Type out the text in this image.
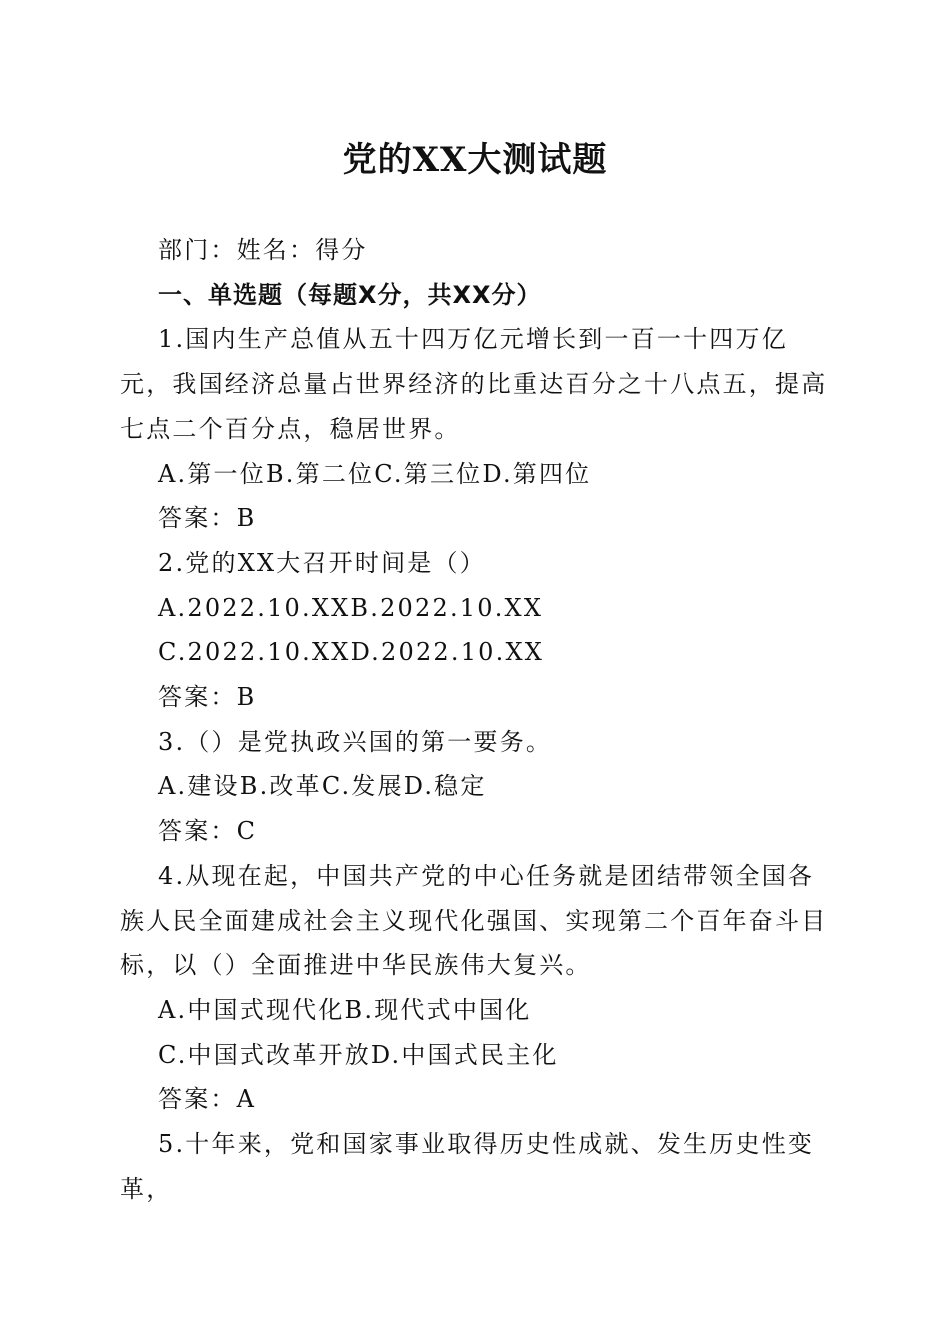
党的XX大测试题

部门：姓名：得分

一、单选题（每题X分，共XX分）

1.国内生产总值从五十四万亿元增长到一百一十四万亿元，我国经济总量占世界经济的比重达百分之十八点五，提高七点二个百分点，稳居世界。

A.第一位B.第二位C.第三位D.第四位

答案：B

2.党的XX大召开时间是（）

A.2022.10.XXB.2022.10.XX

C.2022.10.XXD.2022.10.XX

答案：B

3.（）是党执政兴国的第一要务。

A.建设B.改革C.发展D.稳定

答案：C

4.从现在起，中国共产党的中心任务就是团结带领全国各族人民全面建成社会主义现代化强国、实现第二个百年奋斗目标，以（）全面推进中华民族伟大复兴。

A.中国式现代化B.现代式中国化

C.中国式改革开放D.中国式民主化

答案：A

5.十年来，党和国家事业取得历史性成就、发生历史性变革，
